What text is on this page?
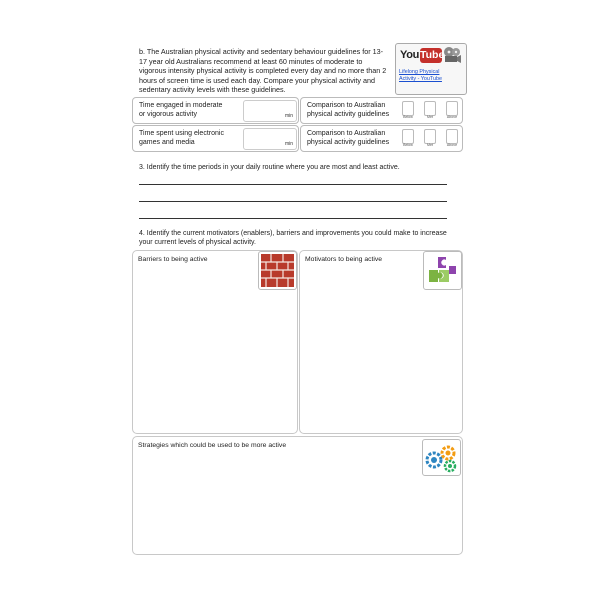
b. The Australian physical activity and sedentary behaviour guidelines for 13-
17 year old Australians recommend at least 60 minutes of moderate to
vigorous intensity physical activity is completed every day and no more than 2
hours of screen time is used each day. Compare your physical activity and
sedentary activity levels with these guidelines.
You Tube
Lifelong Physical
Activity - YouTube
Time engaged in moderate
or vigorous activity	min
Comparison to Australian
physical activity guidelines	Below	Met	Above
Time spent using electronic
games and media	min
Comparison to Australian
physical activity guidelines	Below	Met	Above
3. Identify the time periods in your daily routine where you are most and least active.
4. Identify the current motivators (enablers), barriers and improvements you could make to increase
your current levels of physical activity.
Barriers to being active	Motivators to being active
Strategies which could be used to be more active
